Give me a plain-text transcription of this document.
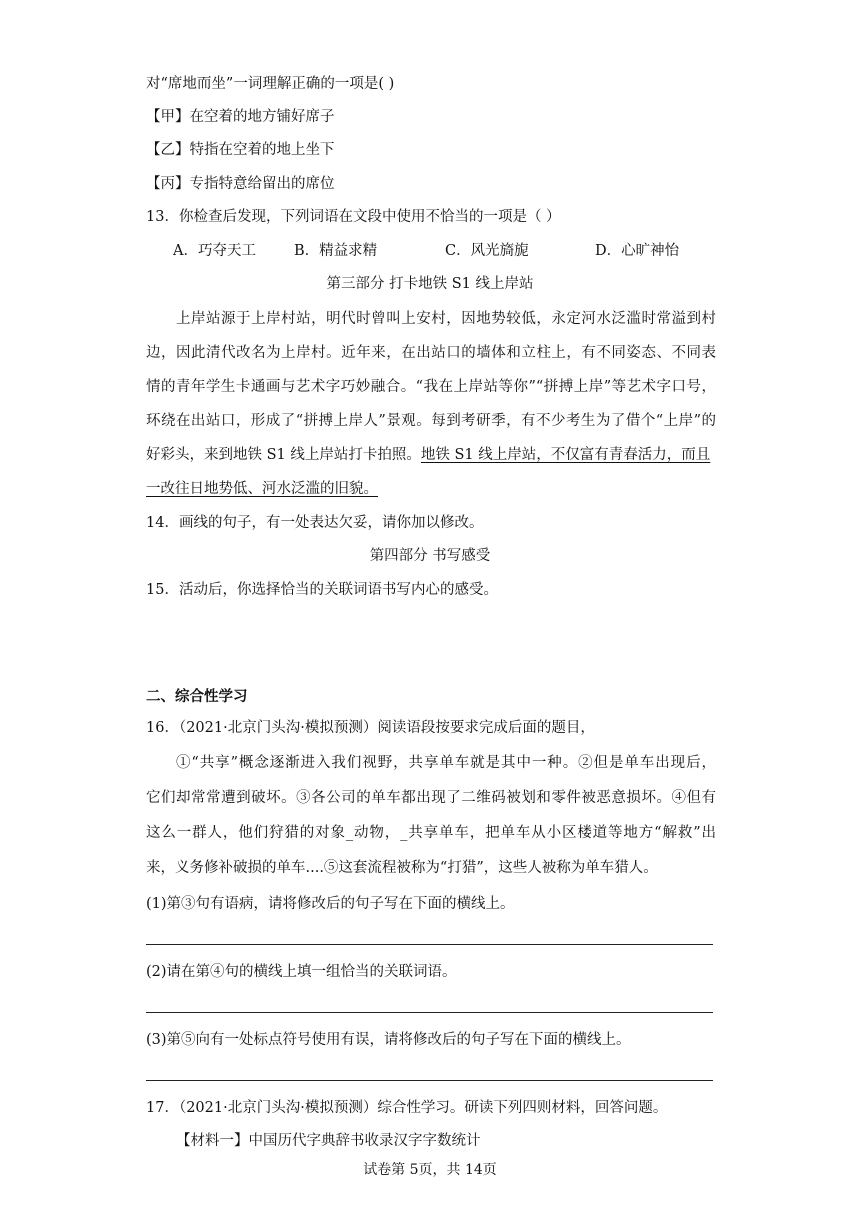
对“席地而坐”一词理解正确的一项是( )
【甲】在空着的地方铺好席子
【乙】特指在空着的地上坐下
【丙】专指特意给留出的席位
13．你检查后发现，下列词语在文段中使用不恰当的一项是（ ）
A．巧夺天工	B．精益求精	C．风光旖旎	D．心旷神怡
第三部分 打卡地铁 S1 线上岸站
上岸站源于上岸村站，明代时曾叫上安村，因地势较低，永定河水泛滥时常溢到村
边，因此清代改名为上岸村。近年来，在出站口的墙体和立柱上，有不同姿态、不同表
情的青年学生卡通画与艺术字巧妙融合。“我在上岸站等你”“拼搏上岸”等艺术字口号，
环绕在出站口，形成了“拼搏上岸人”景观。每到考研季，有不少考生为了借个“上岸”的
好彩头，来到地铁 S1 线上岸站打卡拍照。地铁 S1 线上岸站，不仅富有青春活力，而且
一改往日地势低、河水泛滥的旧貌。
14．画线的句子，有一处表达欠妥，请你加以修改。
第四部分 书写感受
15．活动后，你选择恰当的关联词语书写内心的感受。
二、综合性学习
16．（2021·北京门头沟·模拟预测）阅读语段按要求完成后面的题目，
①“共享”概念逐渐进入我们视野，共享单车就是其中一种。②但是单车出现后，
它们却常常遭到破坏。③各公司的单车都出现了二维码被划和零件被恶意损坏。④但有
这么一群人，他们狩猎的对象_动物，_共享单车，把单车从小区楼道等地方“解救”出
来，义务修补破损的单车....⑤这套流程被称为“打猎”，这些人被称为单车猎人。
(1)第③句有语病，请将修改后的句子写在下面的横线上。
(2)请在第④句的横线上填一组恰当的关联词语。
(3)第⑤向有一处标点符号使用有误，请将修改后的句子写在下面的横线上。
17．（2021·北京门头沟·模拟预测）综合性学习。研读下列四则材料，回答问题。
【材料一】中国历代字典辞书收录汉字字数统计
试卷第 5页，共 14页
